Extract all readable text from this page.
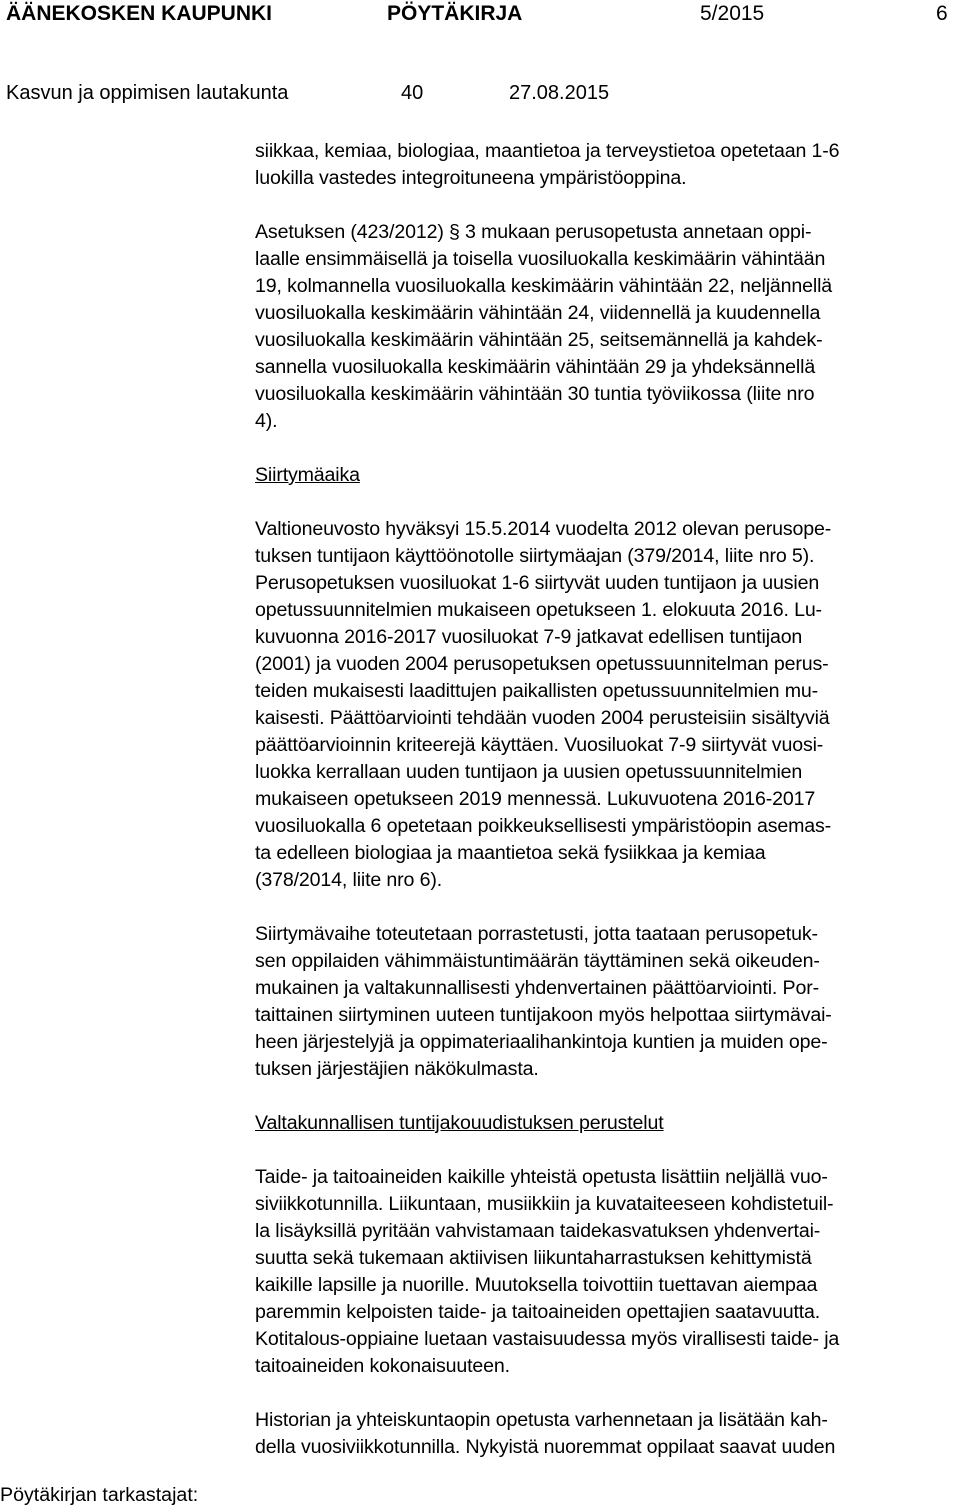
ÄÄNEKOSKEN KAUPUNKI	PÖYTÄKIRJA	5/2015	6
Kasvun ja oppimisen lautakunta	40	27.08.2015

siikkaa, kemiaa, biologiaa, maantietoa ja terveystietoa opetetaan 1-6
luokilla vastedes integroituneena ympäristöoppina.

Asetuksen (423/2012) § 3 mukaan perusopetusta annetaan oppi-
laalle ensimmäisellä ja toisella vuosiluokalla keskimäärin vähintään
19, kolmannella vuosiluokalla keskimäärin vähintään 22, neljännellä
vuosiluokalla keskimäärin vähintään 24, viidennellä ja kuudennella
vuosiluokalla keskimäärin vähintään 25, seitsemännellä ja kahdek-
sannella vuosiluokalla keskimäärin vähintään 29 ja yhdeksännellä
vuosiluokalla keskimäärin vähintään 30 tuntia työviikossa (liite nro
4).

Siirtymäaika

Valtioneuvosto hyväksyi 15.5.2014 vuodelta 2012 olevan perusope-
tuksen tuntijaon käyttöönotolle siirtymäajan (379/2014, liite nro 5).
Perusopetuksen vuosiluokat 1-6 siirtyvät uuden tuntijaon ja uusien
opetussuunnitelmien mukaiseen opetukseen 1. elokuuta 2016. Lu-
kuvuonna 2016-2017 vuosiluokat 7-9 jatkavat edellisen tuntijaon
(2001) ja vuoden 2004 perusopetuksen opetussuunnitelman perus-
teiden mukaisesti laadittujen paikallisten opetussuunnitelmien mu-
kaisesti. Päättöarviointi tehdään vuoden 2004 perusteisiin sisältyviä
päättöarvioinnin kriteerejä käyttäen. Vuosiluokat 7-9 siirtyvät vuosi-
luokka kerrallaan uuden tuntijaon ja uusien opetussuunnitelmien
mukaiseen opetukseen 2019 mennessä. Lukuvuotena 2016-2017
vuosiluokalla 6 opetetaan poikkeuksellisesti ympäristöopin asemas-
ta edelleen biologiaa ja maantietoa sekä fysiikkaa ja kemiaa
(378/2014, liite nro 6).

Siirtymävaihe toteutetaan porrastetusti, jotta taataan perusopetuk-
sen oppilaiden vähimmäistuntimäärän täyttäminen sekä oikeuden-
mukainen ja valtakunnallisesti yhdenvertainen päättöarviointi. Por-
taittainen siirtyminen uuteen tuntijakoon myös helpottaa siirtymävai-
heen järjestelyjä ja oppimateriaalihankintoja kuntien ja muiden ope-
tuksen järjestäjien näkökulmasta.

Valtakunnallisen tuntijakouudistuksen perustelut

Taide- ja taitoaineiden kaikille yhteistä opetusta lisättiin neljällä vuo-
siviikkotunnilla. Liikuntaan, musiikkiin ja kuvataiteeseen kohdistetuil-
la lisäyksillä pyritään vahvistamaan taidekasvatuksen yhdenvertai-
suutta sekä tukemaan aktiivisen liikuntaharrastuksen kehittymistä
kaikille lapsille ja nuorille. Muutoksella toivottiin tuettavan aiempaa
paremmin kelpoisten taide- ja taitoaineiden opettajien saatavuutta.
Kotitalous-oppiaine luetaan vastaisuudessa myös virallisesti taide- ja
taitoaineiden kokonaisuuteen.

Historian ja yhteiskuntaopin opetusta varhennetaan ja lisätään kah-
della vuosiviikkotunnilla. Nykyistä nuoremmat oppilaat saavat uuden

Pöytäkirjan tarkastajat:
